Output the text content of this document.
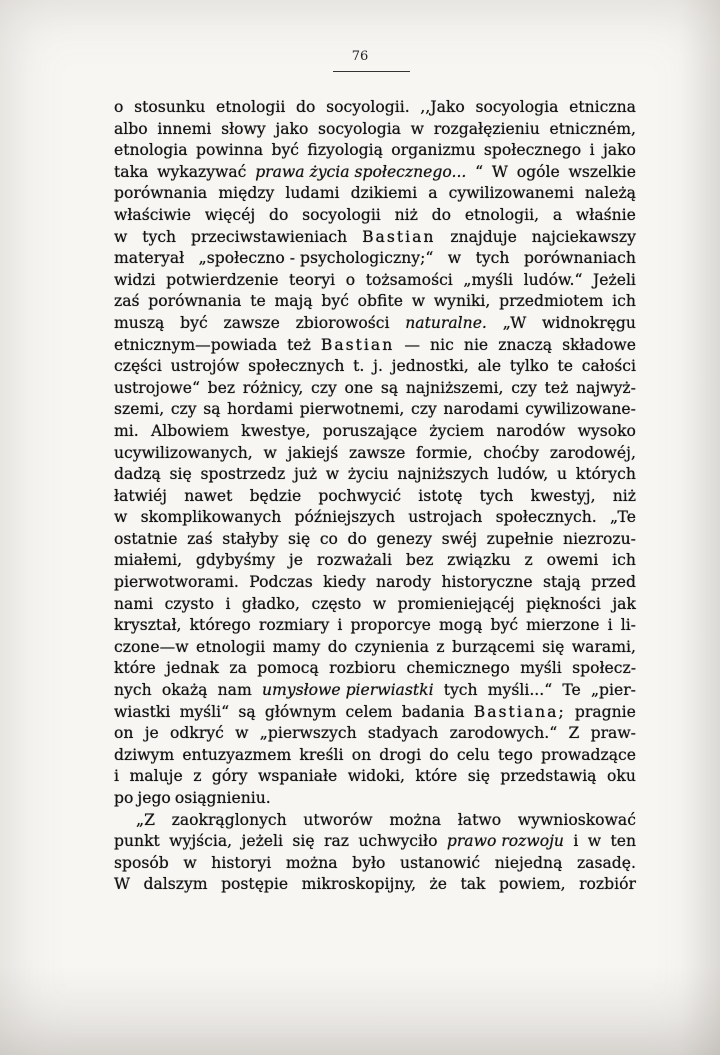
76
o stosunku etnologii do socyologii. ,,Jako socyologia etniczna
albo innemi słowy jako socyologia w rozgałęzieniu etniczném,
etnologia powinna być fizyologią organizmu społecznego i jako
taka wykazywać prawa życia społecznego... “ W ogóle wszelkie
porównania między ludami dzikiemi a cywilizowanemi należą
właściwie więcéj do socyologii niż do etnologii, a właśnie
w tych przeciwstawieniach Bastian znajduje najciekawszy
materyał „społeczno - psychologiczny;“ w tych porównaniach
widzi potwierdzenie teoryi o tożsamości „myśli ludów.“ Jeżeli
zaś porównania te mają być obfite w wyniki, przedmiotem ich
muszą być zawsze zbiorowości naturalne. „W widnokręgu
etnicznym—powiada też Bastian — nic nie znaczą składowe
części ustrojów społecznych t. j. jednostki, ale tylko te całości
ustrojowe“ bez różnicy, czy one są najniższemi, czy też najwyż-
szemi, czy są hordami pierwotnemi, czy narodami cywilizowane-
mi. Albowiem kwestye, poruszające życiem narodów wysoko
ucywilizowanych, w jakiejś zawsze formie, choćby zarodowéj,
dadzą się spostrzedz już w życiu najniższych ludów, u których
łatwiéj nawet będzie pochwycić istotę tych kwestyj, niż
w skomplikowanych późniejszych ustrojach społecznych. „Te
ostatnie zaś stałyby się co do genezy swéj zupełnie niezrozu-
miałemi, gdybyśmy je rozważali bez związku z owemi ich
pierwotworami. Podczas kiedy narody historyczne stają przed
nami czysto i gładko, często w promieniejącéj piękności jak
kryształ, którego rozmiary i proporcye mogą być mierzone i li-
czone—w etnologii mamy do czynienia z burzącemi się warami,
które jednak za pomocą rozbioru chemicznego myśli społecz-
nych okażą nam umysłowe pierwiastki tych myśli...“ Te „pier-
wiastki myśli“ są głównym celem badania Bastiana; pragnie
on je odkryć w „pierwszych stadyach zarodowych.“ Z praw-
dziwym entuzyazmem kreśli on drogi do celu tego prowadzące
i maluje z góry wspaniałe widoki, które się przedstawią oku
po jego osiągnieniu.
„Z zaokrąglonych utworów można łatwo wywnioskować
punkt wyjścia, jeżeli się raz uchwyciło prawo rozwoju i w ten
sposób w historyi można było ustanowić niejedną zasadę.
W dalszym postępie mikroskopijny, że tak powiem, rozbiór
